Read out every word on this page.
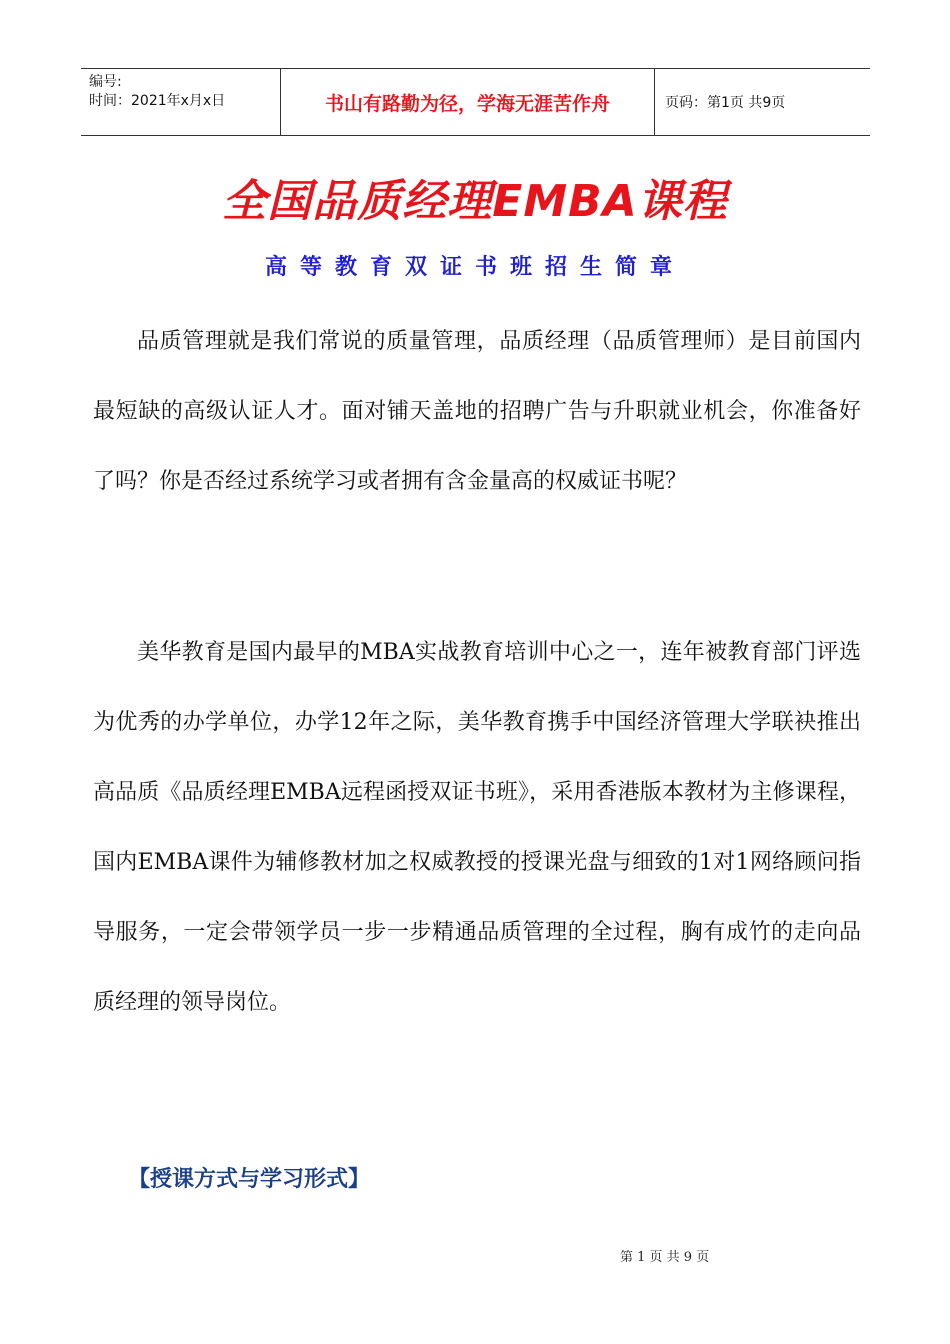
编号:
时间：2021年x月x日	书山有路勤为径，学海无涯苦作舟	页码：第1页 共9页
全国品质经理EMBA课程
高等教育双证书班招生简章

品质管理就是我们常说的质量管理，品质经理（品质管理师）是目前国内最短缺的高级认证人才。面对铺天盖地的招聘广告与升职就业机会，你准备好了吗？你是否经过系统学习或者拥有含金量高的权威证书呢？

美华教育是国内最早的MBA实战教育培训中心之一，连年被教育部门评选为优秀的办学单位，办学12年之际，美华教育携手中国经济管理大学联袂推出高品质《品质经理EMBA远程函授双证书班》，采用香港版本教材为主修课程，国内EMBA课件为辅修教材加之权威教授的授课光盘与细致的1对1网络顾问指导服务，一定会带领学员一步一步精通品质管理的全过程，胸有成竹的走向品质经理的领导岗位。

【授课方式与学习形式】
第 1 页 共 9 页
